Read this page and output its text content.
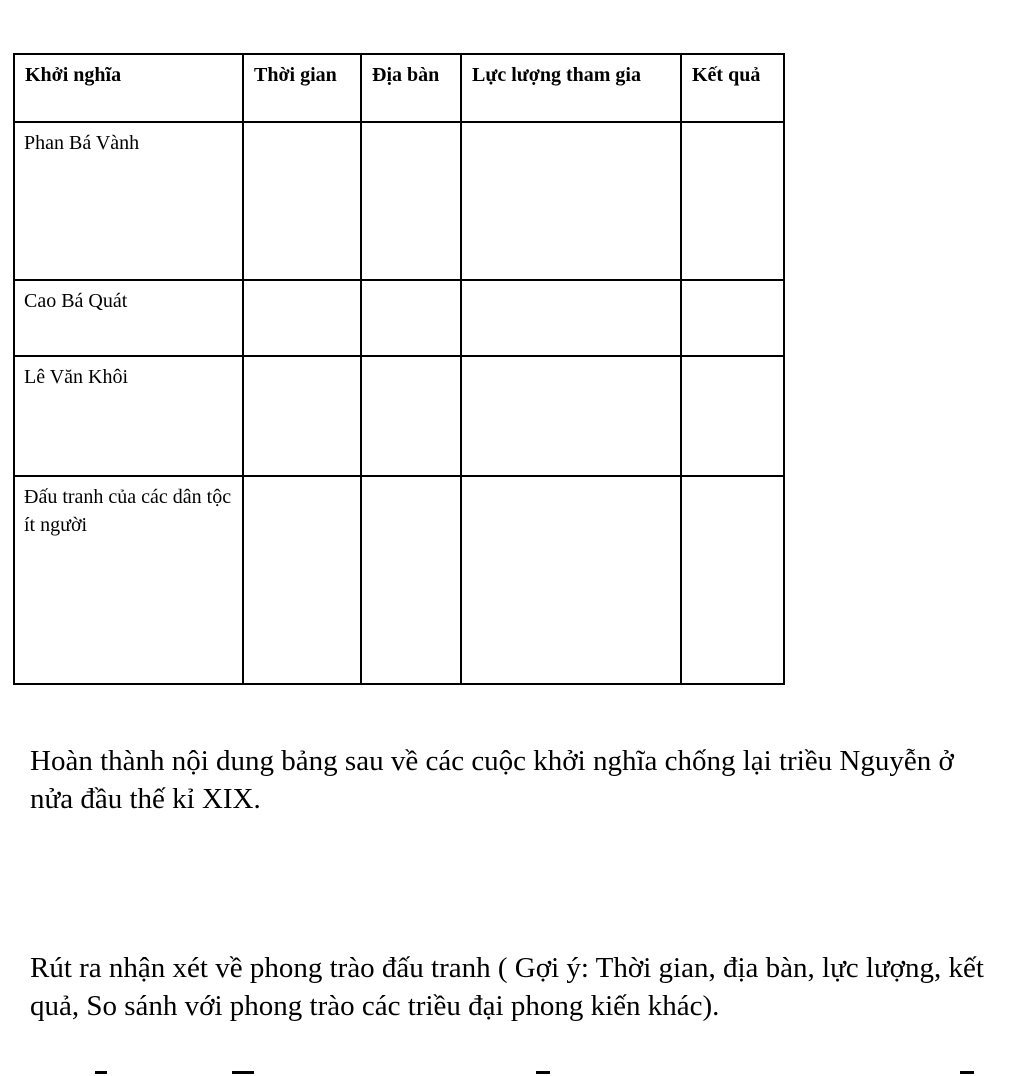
Khởi nghĩa	Thời gian	Địa bàn	Lực lượng tham gia	Kết quả
Phan Bá Vành				
Cao Bá Quát				
Lê Văn Khôi				
Đấu tranh của các dân tộc ít người				

Hoàn thành nội dung bảng sau về các cuộc khởi nghĩa chống lại triều Nguyễn ở nửa đầu thế kỉ XIX.

Rút ra nhận xét về phong trào đấu tranh ( Gợi ý: Thời gian, địa bàn, lực lượng, kết quả, So sánh với phong trào các triều đại phong kiến khác).
